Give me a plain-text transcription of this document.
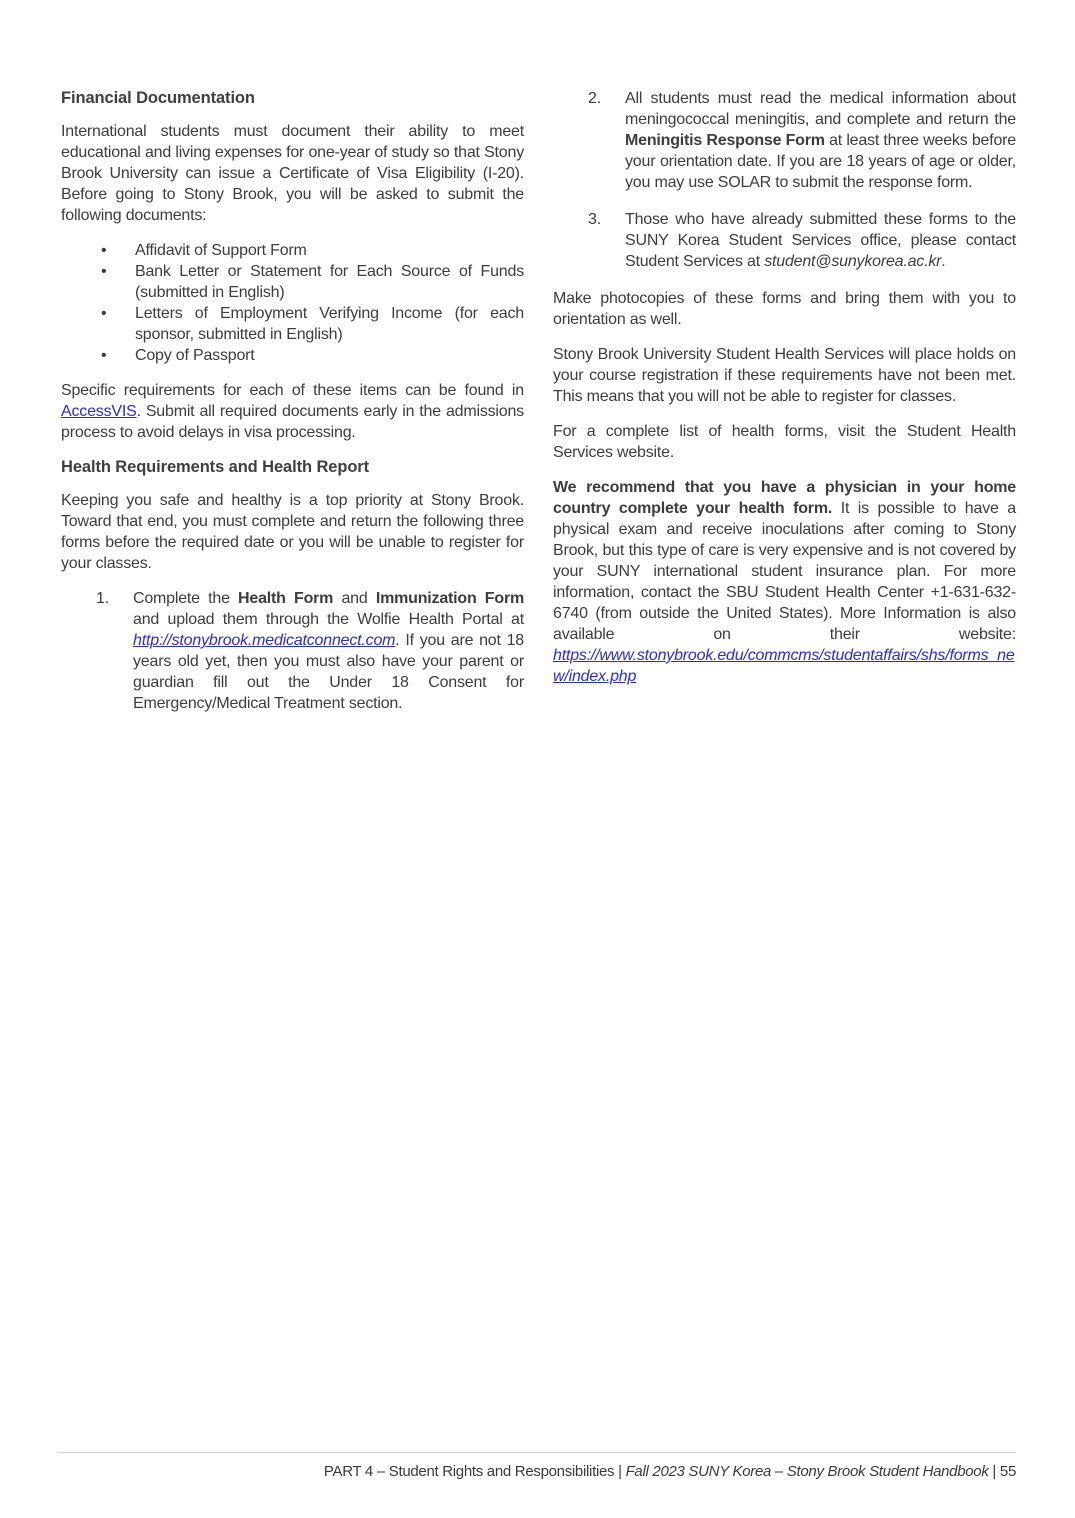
Financial Documentation

International students must document their ability to meet educational and living expenses for one-year of study so that Stony Brook University can issue a Certificate of Visa Eligibility (I-20). Before going to Stony Brook, you will be asked to submit the following documents:

•	Affidavit of Support Form
•	Bank Letter or Statement for Each Source of Funds (submitted in English)
•	Letters of Employment Verifying Income (for each sponsor, submitted in English)
•	Copy of Passport

Specific requirements for each of these items can be found in AccessVIS. Submit all required documents early in the admissions process to avoid delays in visa processing.

Health Requirements and Health Report

Keeping you safe and healthy is a top priority at Stony Brook. Toward that end, you must complete and return the following three forms before the required date or you will be unable to register for your classes.

1.	Complete the Health Form and Immunization Form and upload them through the Wolfie Health Portal at http://stonybrook.medicatconnect.com. If you are not 18 years old yet, then you must also have your parent or guardian fill out the Under 18 Consent for Emergency/Medical Treatment section.
2.	All students must read the medical information about meningococcal meningitis, and complete and return the Meningitis Response Form at least three weeks before your orientation date. If you are 18 years of age or older, you may use SOLAR to submit the response form.
3.	Those who have already submitted these forms to the SUNY Korea Student Services office, please contact Student Services at student@sunykorea.ac.kr.

Make photocopies of these forms and bring them with you to orientation as well.

Stony Brook University Student Health Services will place holds on your course registration if these requirements have not been met. This means that you will not be able to register for classes.

For a complete list of health forms, visit the Student Health Services website.

We recommend that you have a physician in your home country complete your health form. It is possible to have a physical exam and receive inoculations after coming to Stony Brook, but this type of care is very expensive and is not covered by your SUNY international student insurance plan. For more information, contact the SBU Student Health Center +1-631-632-6740 (from outside the United States). More Information is also available on their website: https://www.stonybrook.edu/commcms/studentaffairs/shs/forms_new/index.php

PART 4 – Student Rights and Responsibilities | Fall 2023 SUNY Korea – Stony Brook Student Handbook | 55
